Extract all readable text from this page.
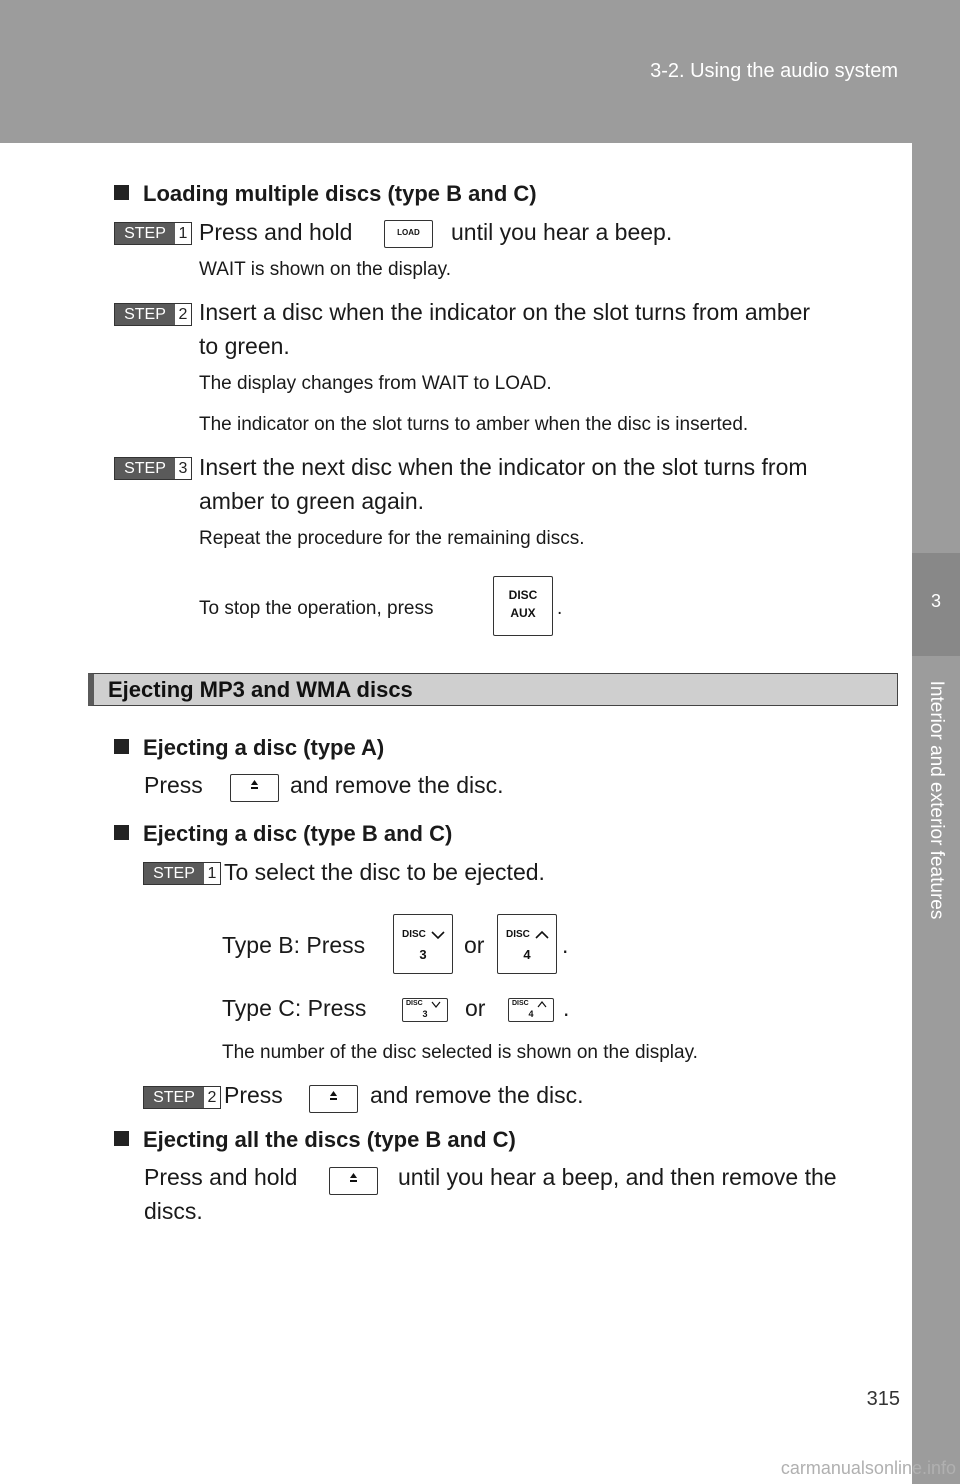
3-2. Using the audio system
3
Interior and exterior features
Loading multiple discs (type B and C)
STEP 1 Press and hold	LOAD	until you hear a beep.
WAIT is shown on the display.
STEP 2 Insert a disc when the indicator on the slot turns from amber
to green.
The display changes from WAIT to LOAD.
The indicator on the slot turns to amber when the disc is inserted.
STEP 3 Insert the next disc when the indicator on the slot turns from
amber to green again.
Repeat the procedure for the remaining discs.
To stop the operation, press
DISC
AUX	.
Ejecting MP3 and WMA discs
Ejecting a disc (type A)
Press	and remove the disc.
Ejecting a disc (type B and C)
STEP 1 To select the disc to be ejected.
Type B: Press	DISC
3	or DISC
4	.
Type C: Press	DISC
3	or	DISC
4	.
The number of the disc selected is shown on the display.
STEP 2 Press	and remove the disc.
Ejecting all the discs (type B and C)
Press and hold	until you hear a beep, and then remove the
discs.
315
carmanualsonline.info
